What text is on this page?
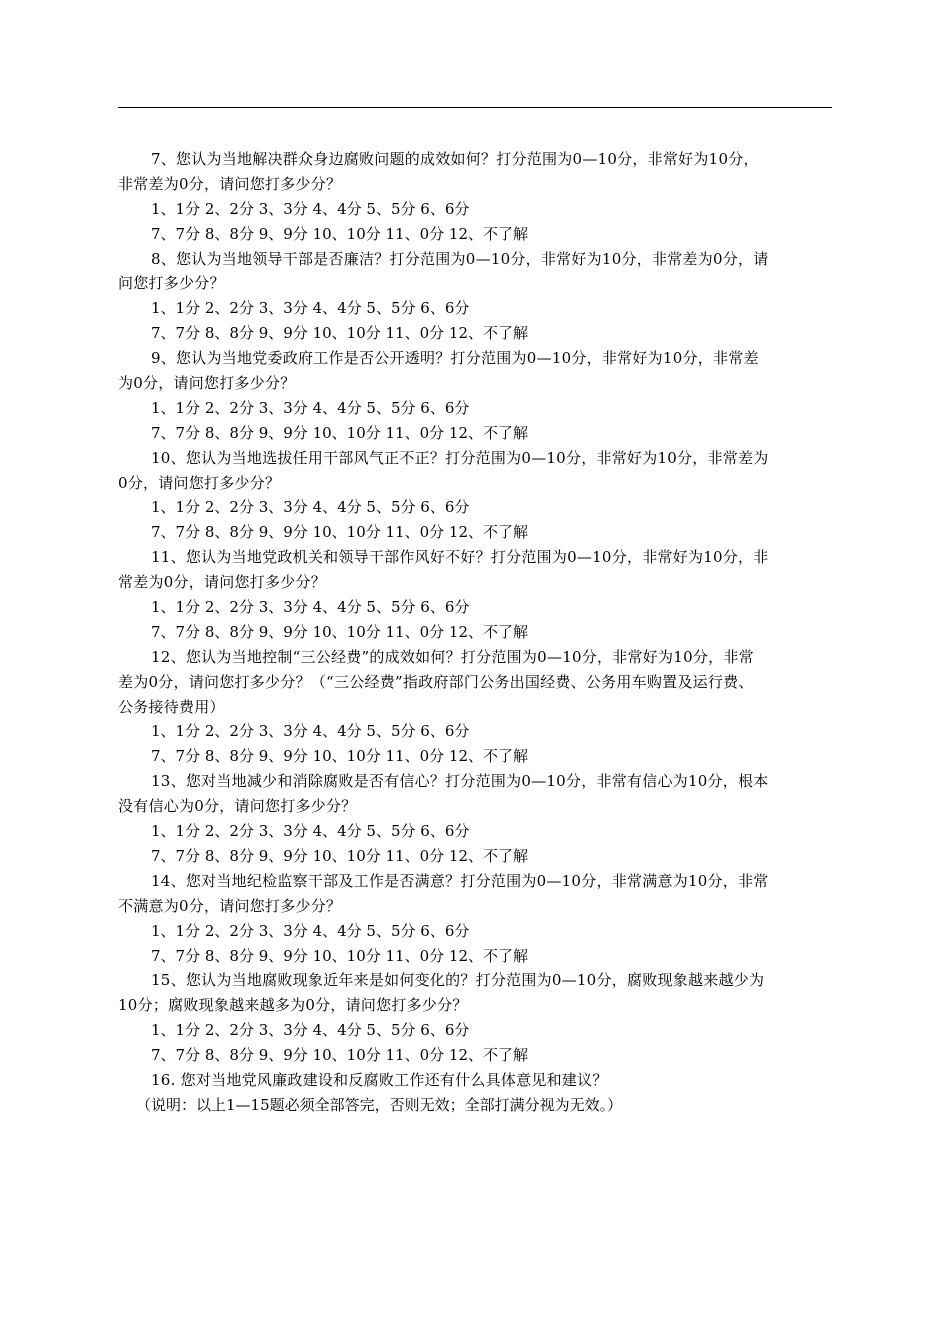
7、您认为当地解决群众身边腐败问题的成效如何？打分范围为0—10分，非常好为10分，
非常差为0分，请问您打多少分？
1、1分 2、2分 3、3分 4、4分 5、5分 6、6分
7、7分 8、8分 9、9分 10、10分 11、0分 12、不了解
8、您认为当地领导干部是否廉洁？打分范围为0—10分，非常好为10分，非常差为0分，请
问您打多少分？
1、1分 2、2分 3、3分 4、4分 5、5分 6、6分
7、7分 8、8分 9、9分 10、10分 11、0分 12、不了解
9、您认为当地党委政府工作是否公开透明？打分范围为0—10分，非常好为10分，非常差
为0分，请问您打多少分？
1、1分 2、2分 3、3分 4、4分 5、5分 6、6分
7、7分 8、8分 9、9分 10、10分 11、0分 12、不了解
10、您认为当地选拔任用干部风气正不正？打分范围为0—10分，非常好为10分，非常差为
0分，请问您打多少分？
1、1分 2、2分 3、3分 4、4分 5、5分 6、6分
7、7分 8、8分 9、9分 10、10分 11、0分 12、不了解
11、您认为当地党政机关和领导干部作风好不好？打分范围为0—10分，非常好为10分，非
常差为0分，请问您打多少分？
1、1分 2、2分 3、3分 4、4分 5、5分 6、6分
7、7分 8、8分 9、9分 10、10分 11、0分 12、不了解
12、您认为当地控制“三公经费”的成效如何？打分范围为0—10分，非常好为10分，非常
差为0分，请问您打多少分？（“三公经费”指政府部门公务出国经费、公务用车购置及运行费、
公务接待费用）
1、1分 2、2分 3、3分 4、4分 5、5分 6、6分
7、7分 8、8分 9、9分 10、10分 11、0分 12、不了解
13、您对当地减少和消除腐败是否有信心？打分范围为0—10分，非常有信心为10分，根本
没有信心为0分，请问您打多少分？
1、1分 2、2分 3、3分 4、4分 5、5分 6、6分
7、7分 8、8分 9、9分 10、10分 11、0分 12、不了解
14、您对当地纪检监察干部及工作是否满意？打分范围为0—10分，非常满意为10分，非常
不满意为0分，请问您打多少分？
1、1分 2、2分 3、3分 4、4分 5、5分 6、6分
7、7分 8、8分 9、9分 10、10分 11、0分 12、不了解
15、您认为当地腐败现象近年来是如何变化的？打分范围为0—10分，腐败现象越来越少为
10分；腐败现象越来越多为0分，请问您打多少分？
1、1分 2、2分 3、3分 4、4分 5、5分 6、6分
7、7分 8、8分 9、9分 10、10分 11、0分 12、不了解
16. 您对当地党风廉政建设和反腐败工作还有什么具体意见和建议？
（说明：以上1—15题必须全部答完，否则无效；全部打满分视为无效。）
